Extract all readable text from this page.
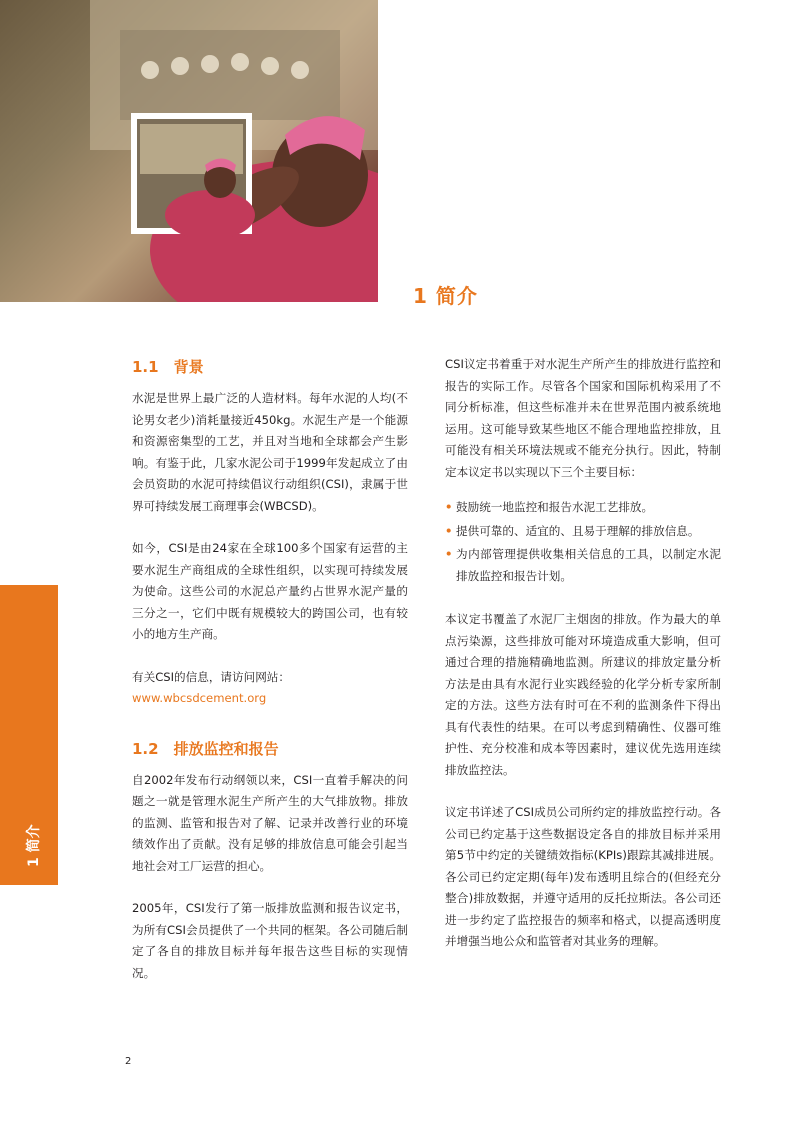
1 简介
1 简介
1.1　背景

水泥是世界上最广泛的人造材料。每年水泥的人均(不论男女老少)消耗量接近450kg。水泥生产是一个能源和资源密集型的工艺，并且对当地和全球都会产生影响。有鉴于此，几家水泥公司于1999年发起成立了由会员资助的水泥可持续倡议行动组织(CSI)，隶属于世界可持续发展工商理事会(WBCSD)。

如今，CSI是由24家在全球100多个国家有运营的主要水泥生产商组成的全球性组织，以实现可持续发展为使命。这些公司的水泥总产量约占世界水泥产量的三分之一，它们中既有规模较大的跨国公司，也有较小的地方生产商。

有关CSI的信息，请访问网站：
www.wbcsdcement.org

1.2　排放监控和报告

自2002年发布行动纲领以来，CSI一直着手解决的问题之一就是管理水泥生产所产生的大气排放物。排放的监测、监管和报告对了解、记录并改善行业的环境绩效作出了贡献。没有足够的排放信息可能会引起当地社会对工厂运营的担心。

2005年，CSI发行了第一版排放监测和报告议定书，为所有CSI会员提供了一个共同的框架。各公司随后制定了各自的排放目标并每年报告这些目标的实现情况。

CSI议定书着重于对水泥生产所产生的排放进行监控和报告的实际工作。尽管各个国家和国际机构采用了不同分析标准，但这些标准并未在世界范围内被系统地运用。这可能导致某些地区不能合理地监控排放，且可能没有相关环境法规或不能充分执行。因此，特制定本议定书以实现以下三个主要目标：

• 鼓励统一地监控和报告水泥工艺排放。
• 提供可靠的、适宜的、且易于理解的排放信息。
• 为内部管理提供收集相关信息的工具，以制定水泥排放监控和报告计划。

本议定书覆盖了水泥厂主烟囱的排放。作为最大的单点污染源，这些排放可能对环境造成重大影响，但可通过合理的措施精确地监测。所建议的排放定量分析方法是由具有水泥行业实践经验的化学分析专家所制定的方法。这些方法有时可在不利的监测条件下得出具有代表性的结果。在可以考虑到精确性、仪器可维护性、充分校准和成本等因素时，建议优先选用连续排放监控法。

议定书详述了CSI成员公司所约定的排放监控行动。各公司已约定基于这些数据设定各自的排放目标并采用第5节中约定的关键绩效指标(KPIs)跟踪其减排进展。各公司已约定定期(每年)发布透明且综合的(但经充分整合)排放数据，并遵守适用的反托拉斯法。各公司还进一步约定了监控报告的频率和格式，以提高透明度并增强当地公众和监管者对其业务的理解。

2
